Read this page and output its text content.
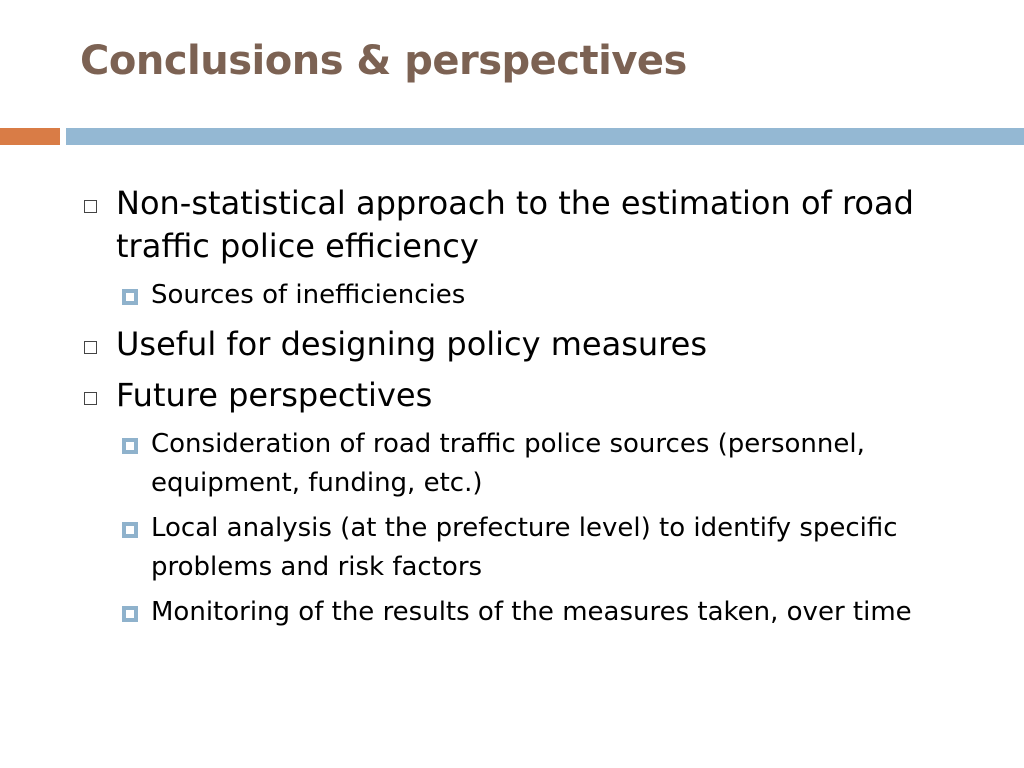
Conclusions & perspectives
Non-statistical approach to the estimation of road traffic police efficiency
Sources of inefficiencies
Useful for designing policy measures
Future perspectives
Consideration of road traffic police sources (personnel, equipment, funding, etc.)
Local analysis (at the prefecture level) to identify specific problems and risk factors
Monitoring of the results of the measures taken, over time
